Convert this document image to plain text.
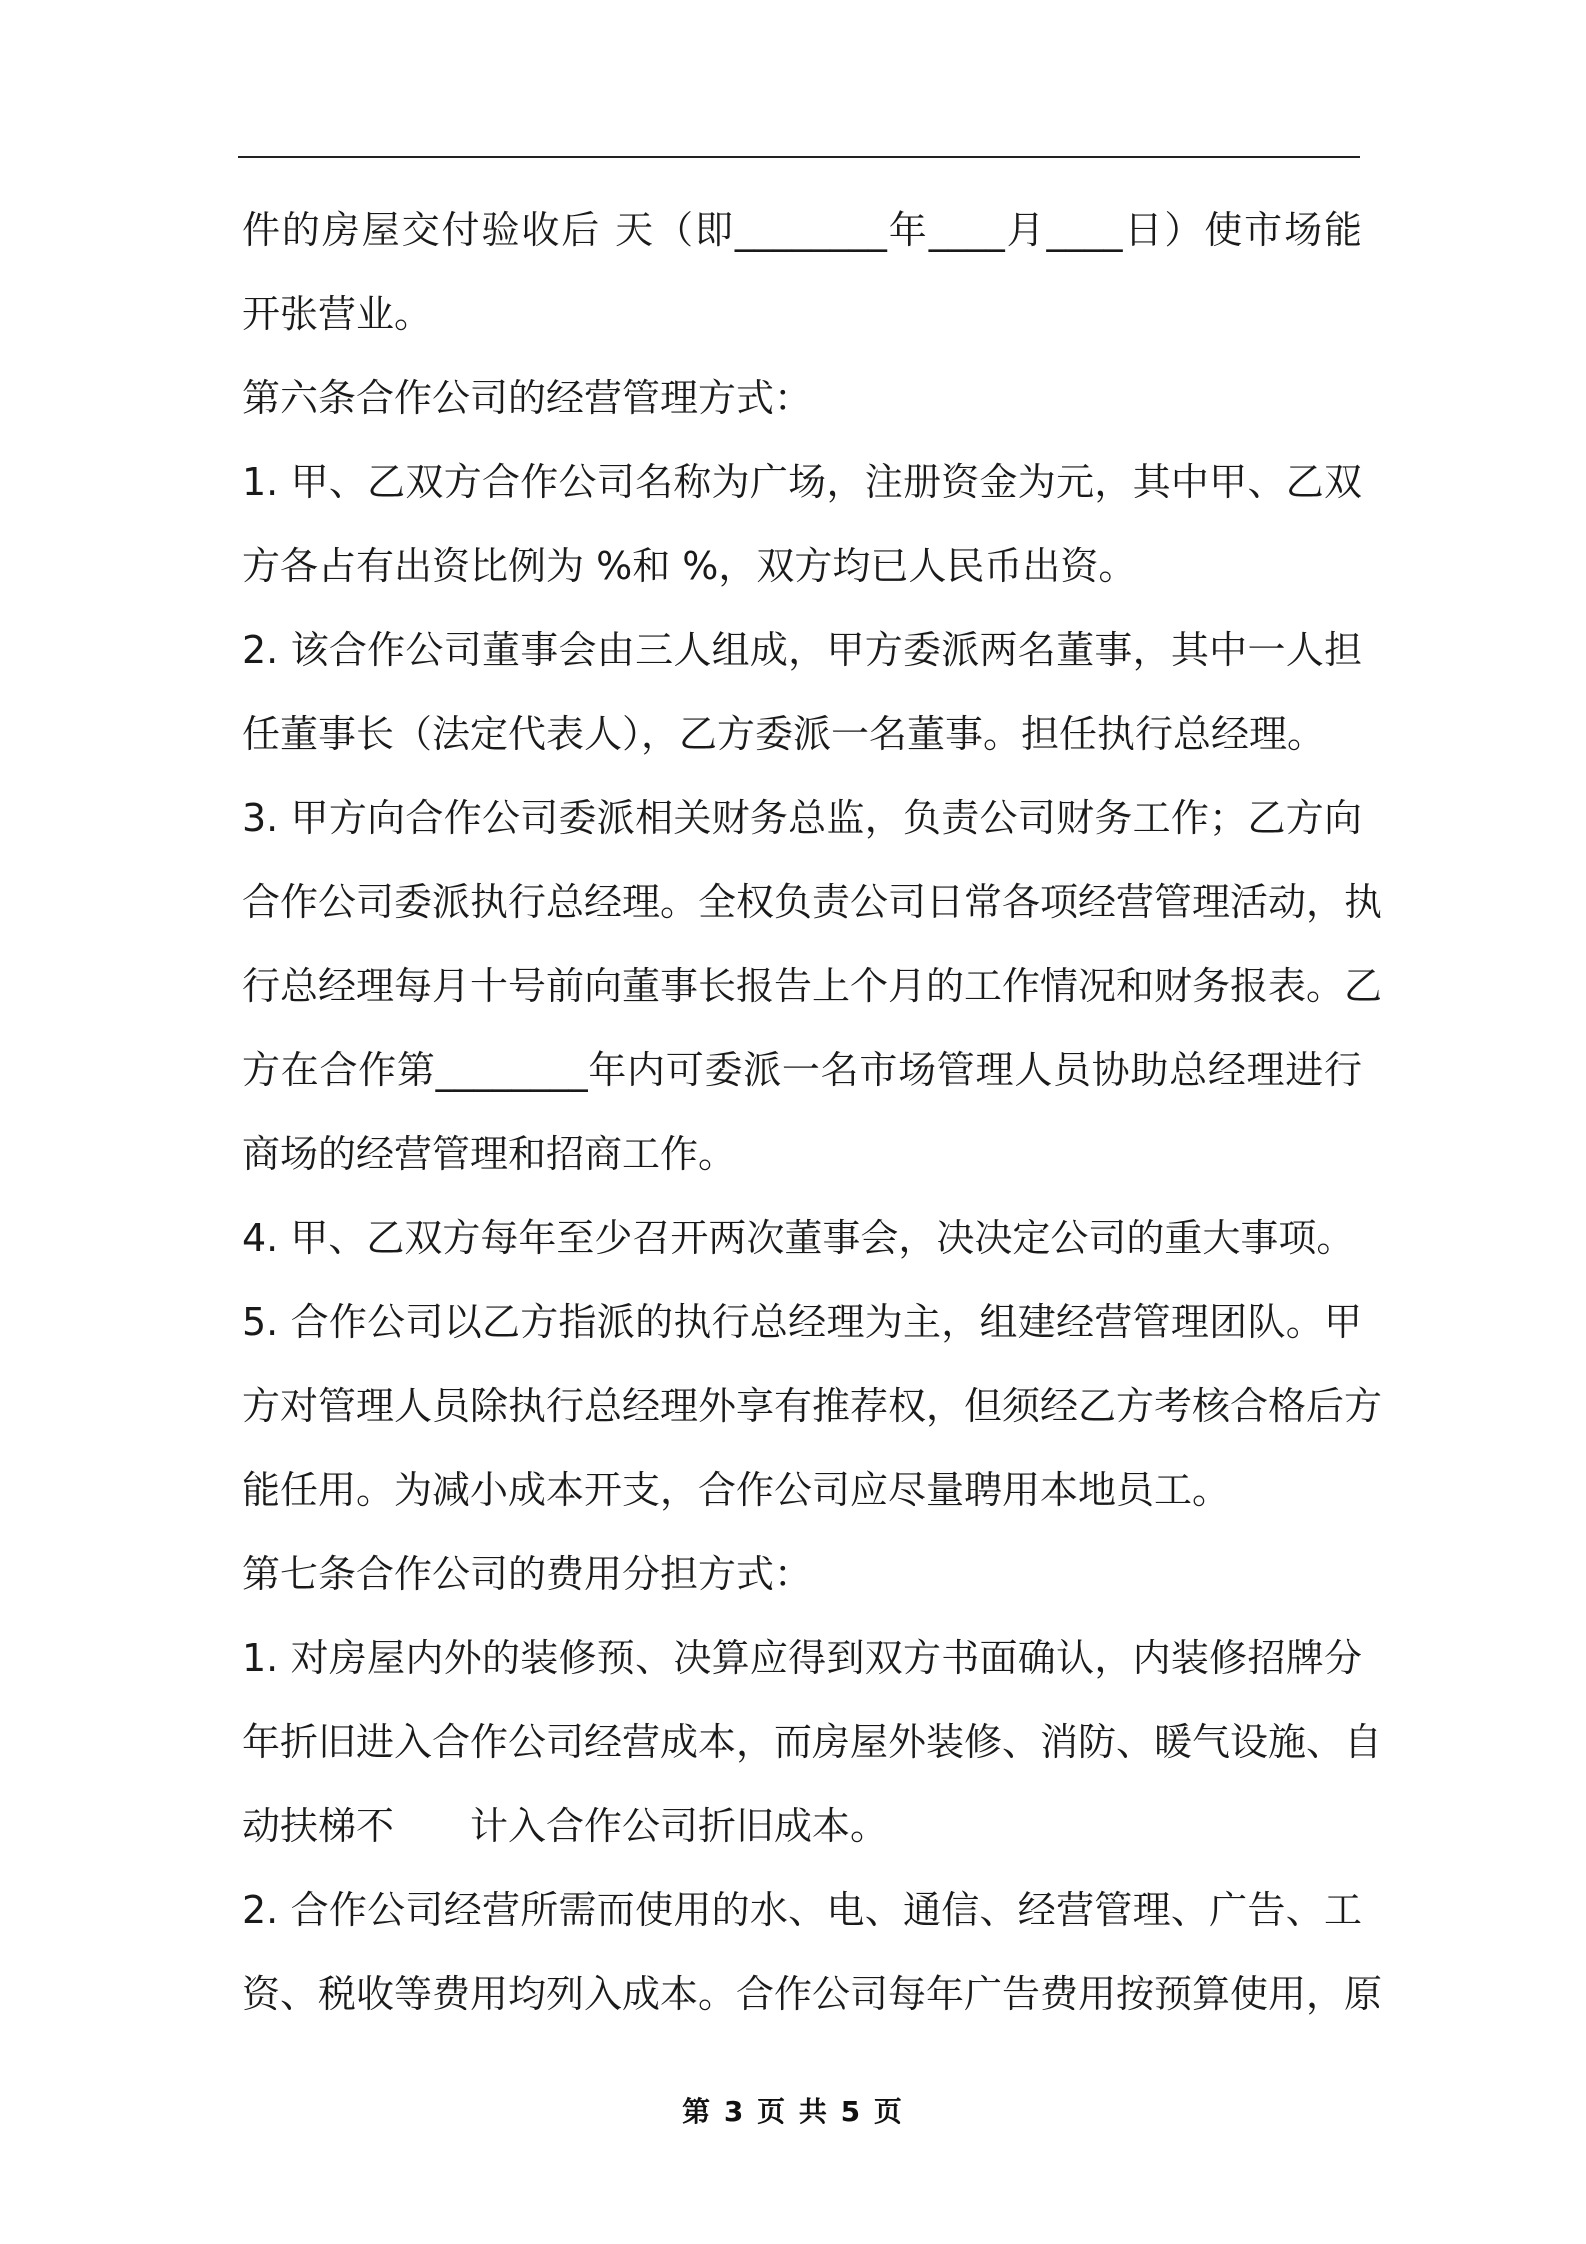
件的房屋交付验收后 天（即________年____月____日）使市场能
开张营业。
第六条合作公司的经营管理方式：
1. 甲、乙双方合作公司名称为广场，注册资金为元，其中甲、乙双
方各占有出资比例为 %和 %，双方均已人民币出资。
2. 该合作公司董事会由三人组成，甲方委派两名董事，其中一人担
任董事长（法定代表人），乙方委派一名董事。担任执行总经理。
3. 甲方向合作公司委派相关财务总监，负责公司财务工作；乙方向
合作公司委派执行总经理。全权负责公司日常各项经营管理活动，执
行总经理每月十号前向董事长报告上个月的工作情况和财务报表。乙
方在合作第________年内可委派一名市场管理人员协助总经理进行
商场的经营管理和招商工作。
4. 甲、乙双方每年至少召开两次董事会，决决定公司的重大事项。
5. 合作公司以乙方指派的执行总经理为主，组建经营管理团队。甲
方对管理人员除执行总经理外享有推荐权，但须经乙方考核合格后方
能任用。为减小成本开支，合作公司应尽量聘用本地员工。
第七条合作公司的费用分担方式：
1. 对房屋内外的装修预、决算应得到双方书面确认，内装修招牌分
年折旧进入合作公司经营成本，而房屋外装修、消防、暖气设施、自
动扶梯不　　计入合作公司折旧成本。
2. 合作公司经营所需而使用的水、电、通信、经营管理、广告、工
资、税收等费用均列入成本。合作公司每年广告费用按预算使用，原
第 3 页 共 5 页
